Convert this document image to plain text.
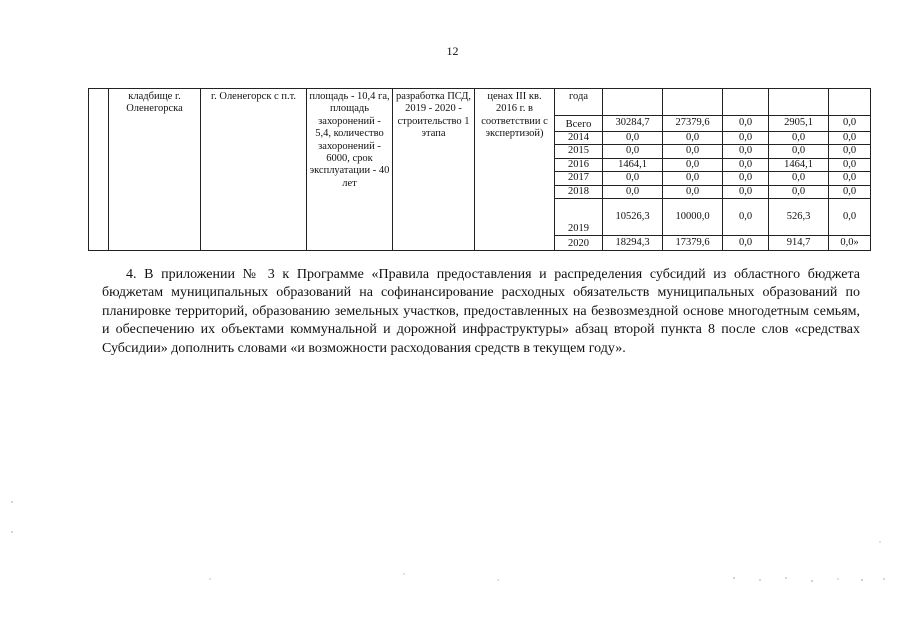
12
	кладбище г. Оленегорска	г. Оленегорск с п.т.	площадь - 10,4 га, площадь захоронений - 5,4, количество захоронений - 6000, срок эксплуатации - 40 лет	разработка ПСД, 2019 - 2020 - строительство 1 этапа	ценах III кв. 2016 г. в соответствии с экспертизой)	года					
						Всего	30284,7	27379,6	0,0	2905,1	0,0
						2014	0,0	0,0	0,0	0,0	0,0
						2015	0,0	0,0	0,0	0,0	0,0
						2016	1464,1	0,0	0,0	1464,1	0,0
						2017	0,0	0,0	0,0	0,0	0,0
						2018	0,0	0,0	0,0	0,0	0,0
						2019	10526,3	10000,0	0,0	526,3	0,0
						2020	18294,3	17379,6	0,0	914,7	0,0»

4. В приложении № 3 к Программе «Правила предоставления и распределения субсидий из областного бюджета бюджетам муниципальных образований на софинансирование расходных обязательств муниципальных образований по планировке территорий, образованию земельных участков, предоставленных на безвозмездной основе многодетным семьям, и обеспечению их объектами коммунальной и дорожной инфраструктуры» абзац второй пункта 8 после слов «средствах Субсидии» дополнить словами «и возможности расходования средств в текущем году».
